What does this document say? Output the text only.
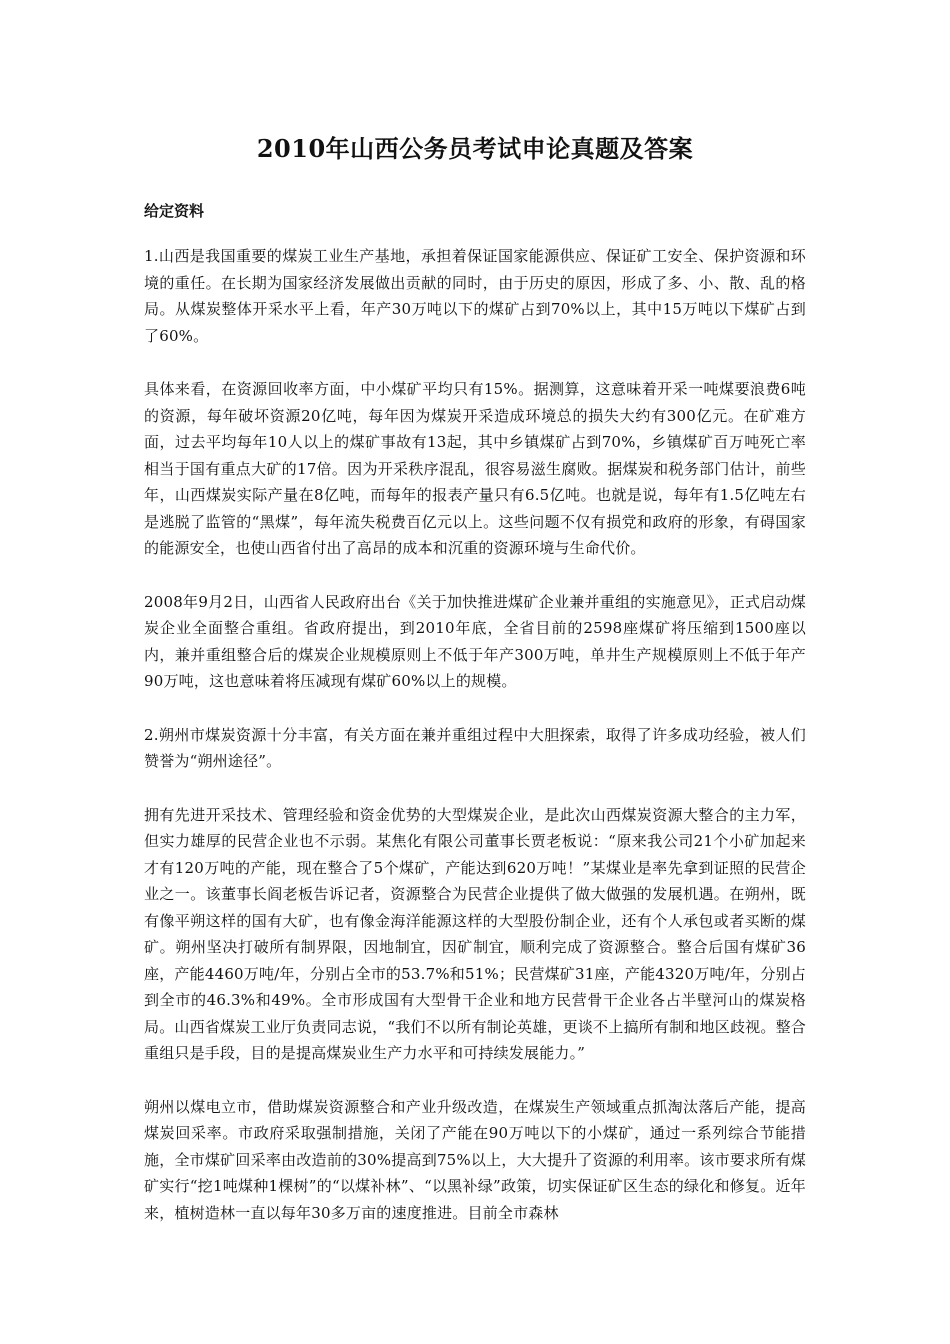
2010年山西公务员考试申论真题及答案
给定资料

1.山西是我国重要的煤炭工业生产基地，承担着保证国家能源供应、保证矿工安全、保护资源和环境的重任。在长期为国家经济发展做出贡献的同时，由于历史的原因，形成了多、小、散、乱的格局。从煤炭整体开采水平上看，年产30万吨以下的煤矿占到70%以上，其中15万吨以下煤矿占到了60%。

具体来看，在资源回收率方面，中小煤矿平均只有15%。据测算，这意味着开采一吨煤要浪费6吨的资源，每年破坏资源20亿吨，每年因为煤炭开采造成环境总的损失大约有300亿元。在矿难方面，过去平均每年10人以上的煤矿事故有13起，其中乡镇煤矿占到70%，乡镇煤矿百万吨死亡率相当于国有重点大矿的17倍。因为开采秩序混乱，很容易滋生腐败。据煤炭和税务部门估计，前些年，山西煤炭实际产量在8亿吨，而每年的报表产量只有6.5亿吨。也就是说，每年有1.5亿吨左右是逃脱了监管的“黑煤”，每年流失税费百亿元以上。这些问题不仅有损党和政府的形象，有碍国家的能源安全，也使山西省付出了高昂的成本和沉重的资源环境与生命代价。

2008年9月2日，山西省人民政府出台《关于加快推进煤矿企业兼并重组的实施意见》，正式启动煤炭企业全面整合重组。省政府提出，到2010年底，全省目前的2598座煤矿将压缩到1500座以内，兼并重组整合后的煤炭企业规模原则上不低于年产300万吨，单井生产规模原则上不低于年产90万吨，这也意味着将压减现有煤矿60%以上的规模。

2.朔州市煤炭资源十分丰富，有关方面在兼并重组过程中大胆探索，取得了许多成功经验，被人们赞誉为“朔州途径”。

拥有先进开采技术、管理经验和资金优势的大型煤炭企业，是此次山西煤炭资源大整合的主力军，但实力雄厚的民营企业也不示弱。某焦化有限公司董事长贾老板说：“原来我公司21个小矿加起来才有120万吨的产能，现在整合了5个煤矿，产能达到620万吨！”某煤业是率先拿到证照的民营企业之一。该董事长阎老板告诉记者，资源整合为民营企业提供了做大做强的发展机遇。在朔州，既有像平朔这样的国有大矿，也有像金海洋能源这样的大型股份制企业，还有个人承包或者买断的煤矿。朔州坚决打破所有制界限，因地制宜，因矿制宜，顺利完成了资源整合。整合后国有煤矿36座，产能4460万吨/年，分别占全市的53.7%和51%；民营煤矿31座，产能4320万吨/年，分别占到全市的46.3%和49%。全市形成国有大型骨干企业和地方民营骨干企业各占半壁河山的煤炭格局。山西省煤炭工业厅负责同志说，“我们不以所有制论英雄，更谈不上搞所有制和地区歧视。整合重组只是手段，目的是提高煤炭业生产力水平和可持续发展能力。”

朔州以煤电立市，借助煤炭资源整合和产业升级改造，在煤炭生产领域重点抓淘汰落后产能，提高煤炭回采率。市政府采取强制措施，关闭了产能在90万吨以下的小煤矿，通过一系列综合节能措施，全市煤矿回采率由改造前的30%提高到75%以上，大大提升了资源的利用率。该市要求所有煤矿实行“挖1吨煤种1棵树”的“以煤补林”、“以黑补绿”政策，切实保证矿区生态的绿化和修复。近年来，植树造林一直以每年30多万亩的速度推进。目前全市森林
